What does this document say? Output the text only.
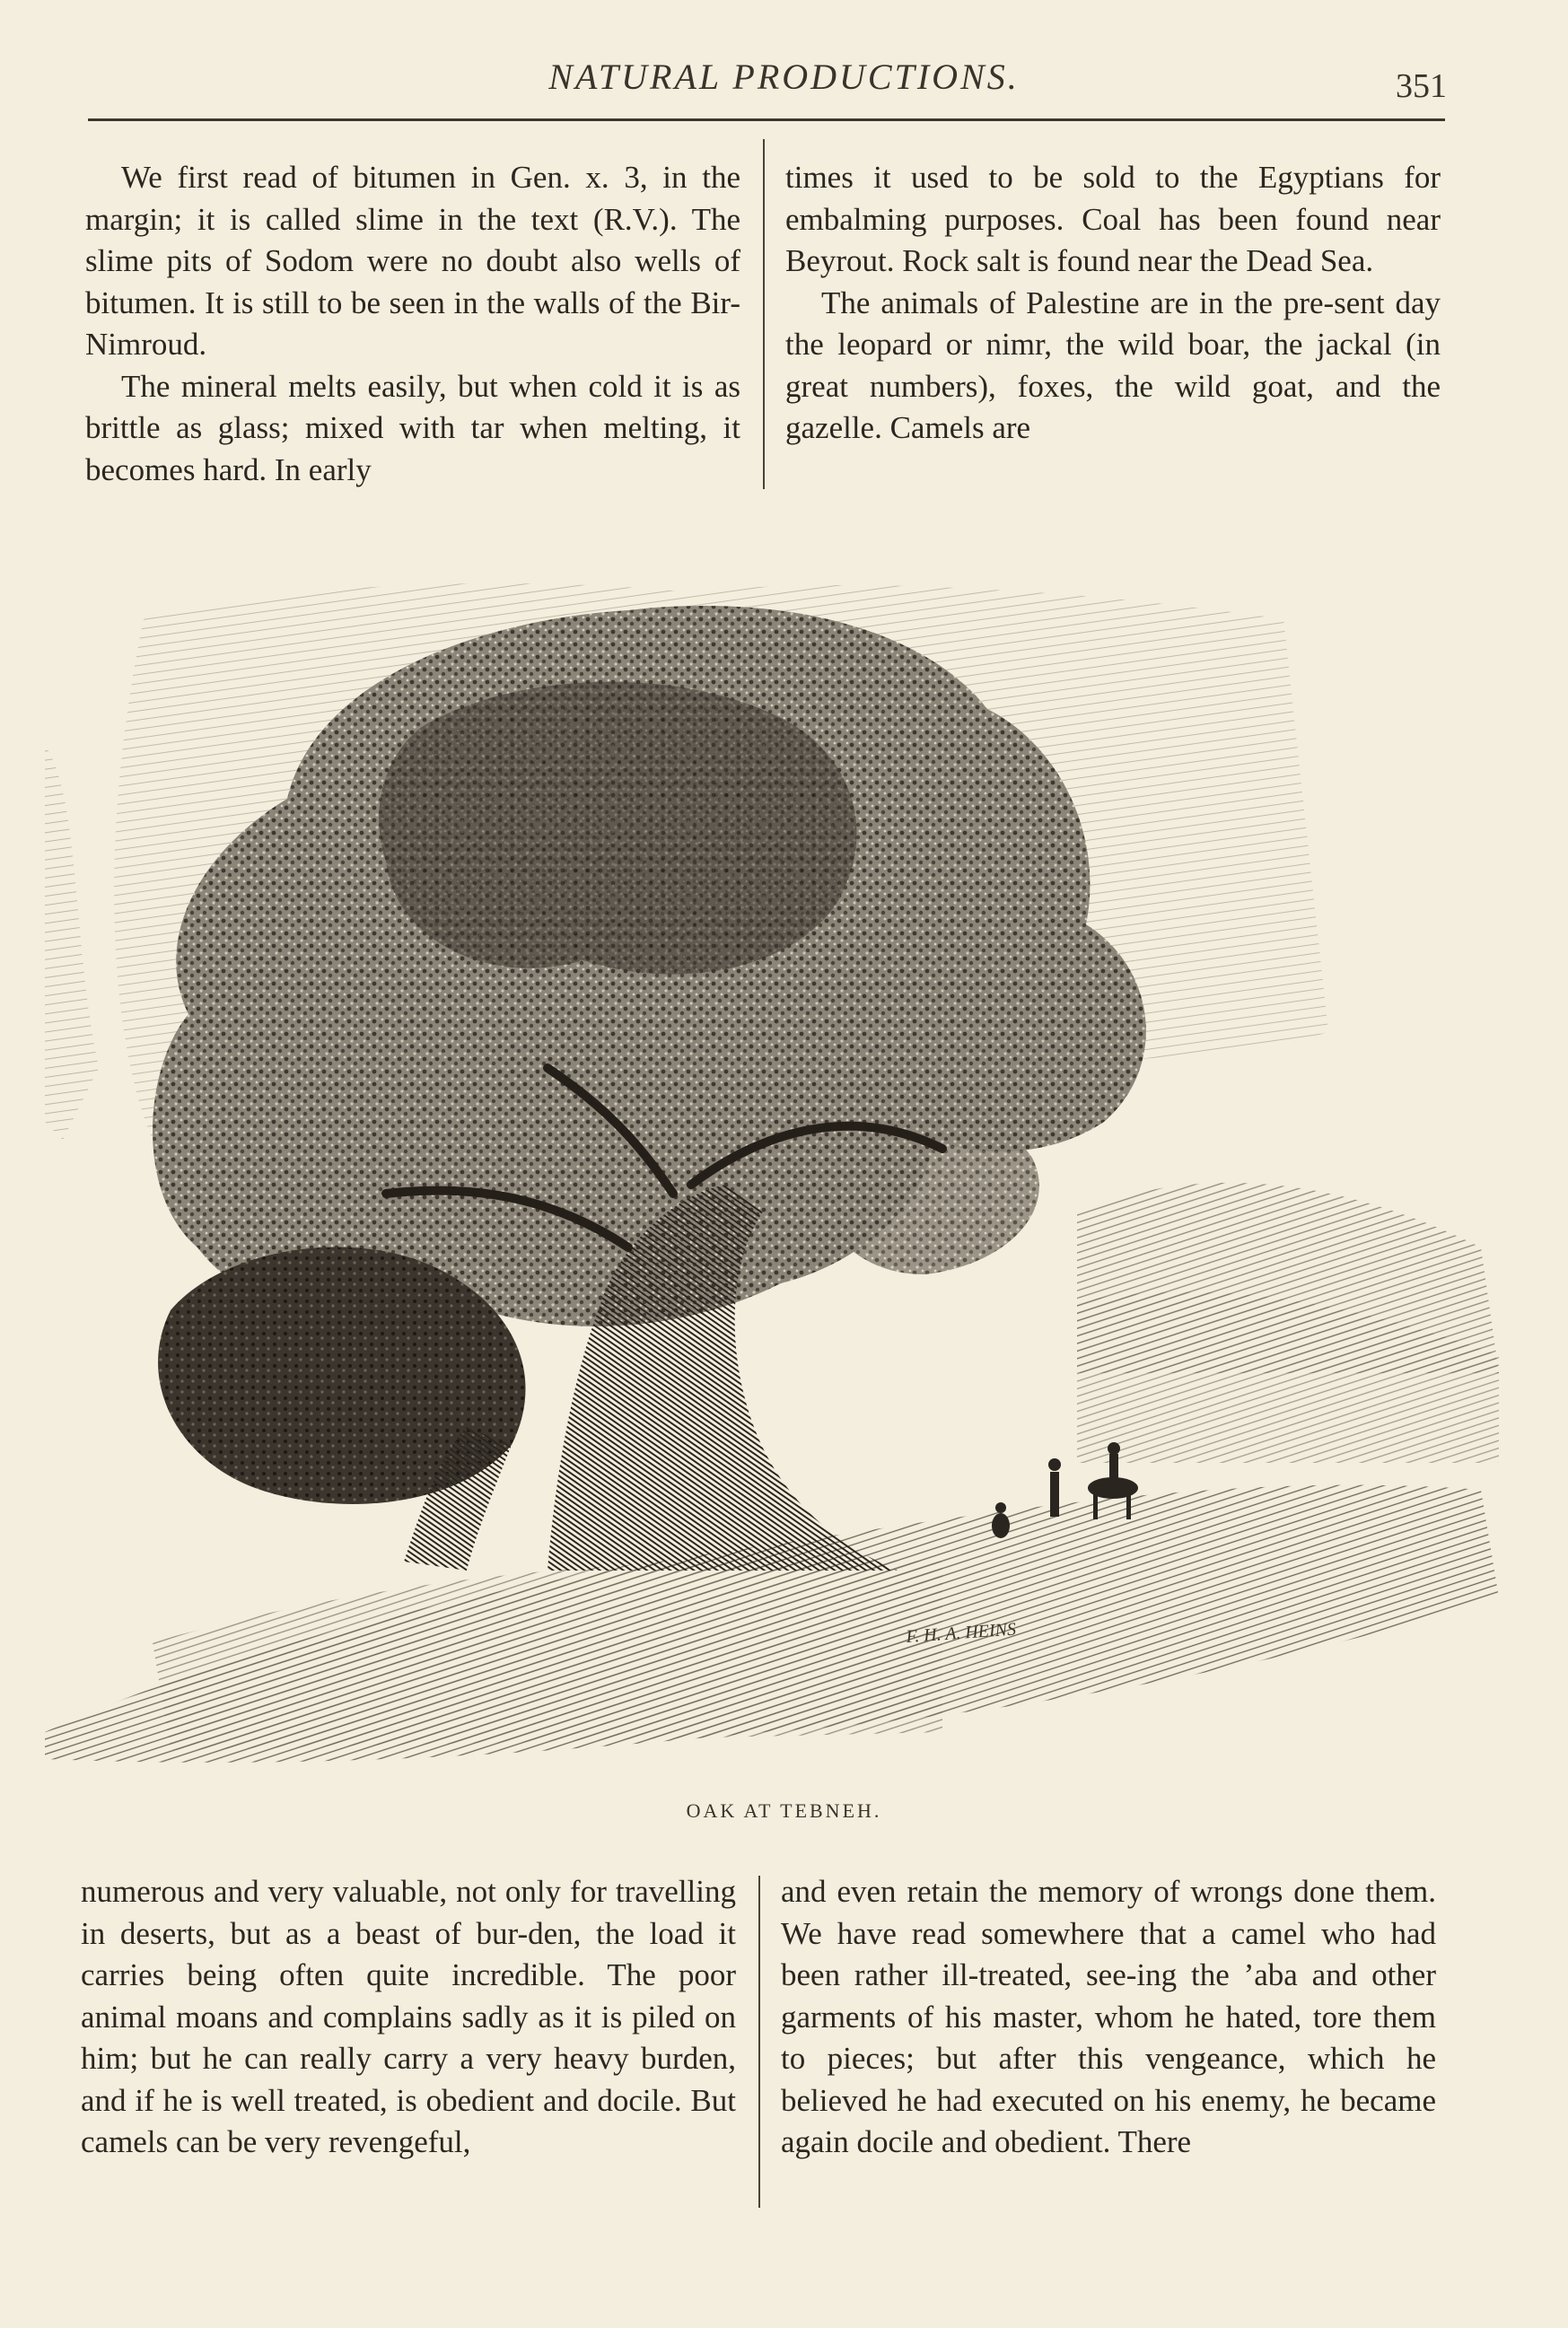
NATURAL PRODUCTIONS.	351

We first read of bitumen in Gen. x. 3, in the margin; it is called slime in the text (R.V.). The slime pits of Sodom were no doubt also wells of bitumen. It is still to be seen in the walls of the Bir-Nimroud.

The mineral melts easily, but when cold it is as brittle as glass; mixed with tar when melting, it becomes hard. In early

times it used to be sold to the Egyptians for embalming purposes. Coal has been found near Beyrout. Rock salt is found near the Dead Sea.

The animals of Palestine are in the pre-sent day the leopard or nimr, the wild boar, the jackal (in great numbers), foxes, the wild goat, and the gazelle. Camels are

F. H. A. HEINS
OAK AT TEBNEH.

numerous and very valuable, not only for travelling in deserts, but as a beast of bur-den, the load it carries being often quite incredible. The poor animal moans and complains sadly as it is piled on him; but he can really carry a very heavy burden, and if he is well treated, is obedient and docile. But camels can be very revengeful,

and even retain the memory of wrongs done them. We have read somewhere that a camel who had been rather ill-treated, see-ing the ’aba and other garments of his master, whom he hated, tore them to pieces; but after this vengeance, which he believed he had executed on his enemy, he became again docile and obedient. There
